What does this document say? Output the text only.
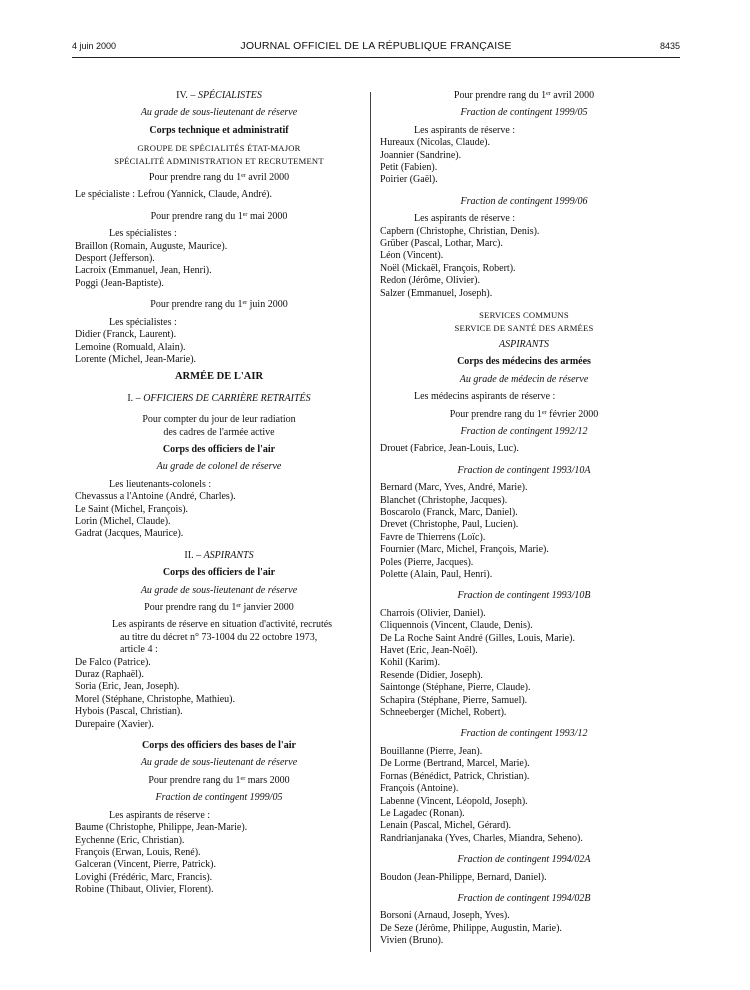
4 juin 2000	JOURNAL OFFICIEL DE LA RÉPUBLIQUE FRANÇAISE	8435
IV. – SPÉCIALISTES
Au grade de sous-lieutenant de réserve
Corps technique et administratif
GROUPE DE SPÉCIALITÉS ÉTAT-MAJOR
SPÉCIALITÉ ADMINISTRATION ET RECRUTEMENT
Pour prendre rang du 1er avril 2000
Le spécialiste : Lefrou (Yannick, Claude, André).
Pour prendre rang du 1er mai 2000
Les spécialistes :
Braillon (Romain, Auguste, Maurice).
Desport (Jefferson).
Lacroix (Emmanuel, Jean, Henri).
Poggi (Jean-Baptiste).
Pour prendre rang du 1er juin 2000
Les spécialistes :
Didier (Franck, Laurent).
Lemoine (Romuald, Alain).
Lorente (Michel, Jean-Marie).
ARMÉE DE L'AIR
I. – OFFICIERS DE CARRIÈRE RETRAITÉS
Pour compter du jour de leur radiation
des cadres de l'armée active
Corps des officiers de l'air
Au grade de colonel de réserve
Les lieutenants-colonels :
Chevassus a l'Antoine (André, Charles).
Le Saint (Michel, François).
Lorin (Michel, Claude).
Gadrat (Jacques, Maurice).
II. – ASPIRANTS
Corps des officiers de l'air
Au grade de sous-lieutenant de réserve
Pour prendre rang du 1er janvier 2000
Les aspirants de réserve en situation d'activité, recrutés
au titre du décret n° 73-1004 du 22 octobre 1973,
article 4 :
De Falco (Patrice).
Duraz (Raphaël).
Soria (Eric, Jean, Joseph).
Morel (Stéphane, Christophe, Mathieu).
Hybois (Pascal, Christian).
Durepaire (Xavier).
Corps des officiers des bases de l'air
Au grade de sous-lieutenant de réserve
Pour prendre rang du 1er mars 2000
Fraction de contingent 1999/05
Les aspirants de réserve :
Baume (Christophe, Philippe, Jean-Marie).
Eychenne (Eric, Christian).
François (Erwan, Louis, René).
Galceran (Vincent, Pierre, Patrick).
Lovighi (Frédéric, Marc, Francis).
Robine (Thibaut, Olivier, Florent).
Pour prendre rang du 1er avril 2000
Fraction de contingent 1999/05
Les aspirants de réserve :
Hureaux (Nicolas, Claude).
Joannier (Sandrine).
Petit (Fabien).
Poirier (Gaël).
Fraction de contingent 1999/06
Les aspirants de réserve :
Capbern (Christophe, Christian, Denis).
Grüber (Pascal, Lothar, Marc).
Léon (Vincent).
Noël (Mickaël, François, Robert).
Redon (Jérôme, Olivier).
Salzer (Emmanuel, Joseph).
SERVICES COMMUNS
SERVICE DE SANTÉ DES ARMÉES
ASPIRANTS
Corps des médecins des armées
Au grade de médecin de réserve
Les médecins aspirants de réserve :
Pour prendre rang du 1er février 2000
Fraction de contingent 1992/12
Drouet (Fabrice, Jean-Louis, Luc).
Fraction de contingent 1993/10A
Bernard (Marc, Yves, André, Marie).
Blanchet (Christophe, Jacques).
Boscarolo (Franck, Marc, Daniel).
Drevet (Christophe, Paul, Lucien).
Favre de Thierrens (Loïc).
Fournier (Marc, Michel, François, Marie).
Poles (Pierre, Jacques).
Polette (Alain, Paul, Henri).
Fraction de contingent 1993/10B
Charrois (Olivier, Daniel).
Cliquennois (Vincent, Claude, Denis).
De La Roche Saint André (Gilles, Louis, Marie).
Havet (Eric, Jean-Noël).
Kohil (Karim).
Resende (Didier, Joseph).
Saintonge (Stéphane, Pierre, Claude).
Schapira (Stéphane, Pierre, Samuel).
Schneeberger (Michel, Robert).
Fraction de contingent 1993/12
Bouillanne (Pierre, Jean).
De Lorme (Bertrand, Marcel, Marie).
Fornas (Bénédict, Patrick, Christian).
François (Antoine).
Labenne (Vincent, Léopold, Joseph).
Le Lagadec (Ronan).
Lenain (Pascal, Michel, Gérard).
Randrianjanaka (Yves, Charles, Miandra, Seheno).
Fraction de contingent 1994/02A
Boudon (Jean-Philippe, Bernard, Daniel).
Fraction de contingent 1994/02B
Borsoni (Arnaud, Joseph, Yves).
De Seze (Jérôme, Philippe, Augustin, Marie).
Vivien (Bruno).
